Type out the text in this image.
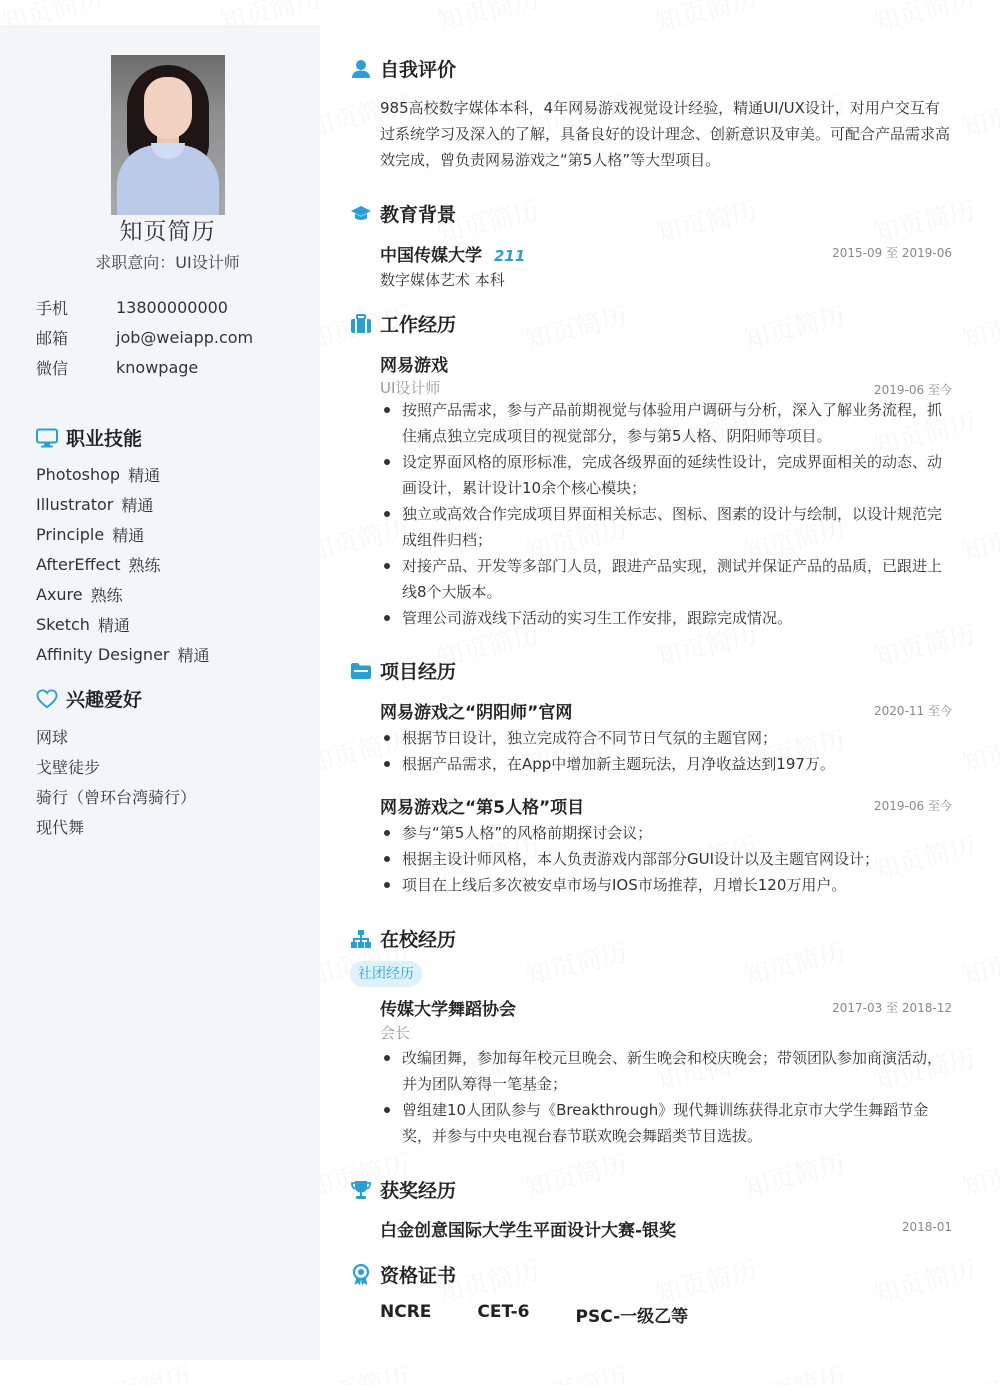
知页简历
求职意向：UI设计师
手机	13800000000
邮箱	job@weiapp.com
微信	knowpage
职业技能
Photoshop 精通
Illustrator 精通
Principle 精通
AfterEffect 熟练
Axure 熟练
Sketch 精通
Affinity Designer 精通
兴趣爱好
网球
戈壁徒步
骑行（曾环台湾骑行）
现代舞
自我评价
985高校数字媒体本科，4年网易游戏视觉设计经验，精通UI/UX设计，对用户交互有过系统学习及深入的了解，具备良好的设计理念、创新意识及审美。可配合产品需求高效完成，曾负责网易游戏之“第5人格”等大型项目。
教育背景
中国传媒大学 211	2015-09 至 2019-06
数字媒体艺术 本科
工作经历
网易游戏
UI设计师	2019-06 至今
按照产品需求，参与产品前期视觉与体验用户调研与分析，深入了解业务流程，抓住痛点独立完成项目的视觉部分，参与第5人格、阴阳师等项目。
设定界面风格的原形标准，完成各级界面的延续性设计，完成界面相关的动态、动画设计，累计设计10余个核心模块；
独立或高效合作完成项目界面相关标志、图标、图素的设计与绘制，以设计规范完成组件归档；
对接产品、开发等多部门人员，跟进产品实现，测试并保证产品的品质，已跟进上线8个大版本。
管理公司游戏线下活动的实习生工作安排，跟踪完成情况。
项目经历
网易游戏之“阴阳师”官网	2020-11 至今
根据节日设计，独立完成符合不同节日气氛的主题官网；
根据产品需求，在App中增加新主题玩法，月净收益达到197万。
网易游戏之“第5人格”项目	2019-06 至今
参与“第5人格”的风格前期探讨会议；
根据主设计师风格，本人负责游戏内部部分GUI设计以及主题官网设计；
项目在上线后多次被安卓市场与IOS市场推荐，月增长120万用户。
在校经历
社团经历
传媒大学舞蹈协会	2017-03 至 2018-12
会长
改编团舞，参加每年校元旦晚会、新生晚会和校庆晚会；带领团队参加商演活动，并为团队筹得一笔基金；
曾组建10人团队参与《Breakthrough》现代舞训练获得北京市大学生舞蹈节金奖，并参与中央电视台春节联欢晚会舞蹈类节目选拔。
获奖经历
白金创意国际大学生平面设计大赛-银奖	2018-01
资格证书
NCRE	CET-6	PSC-一级乙等
